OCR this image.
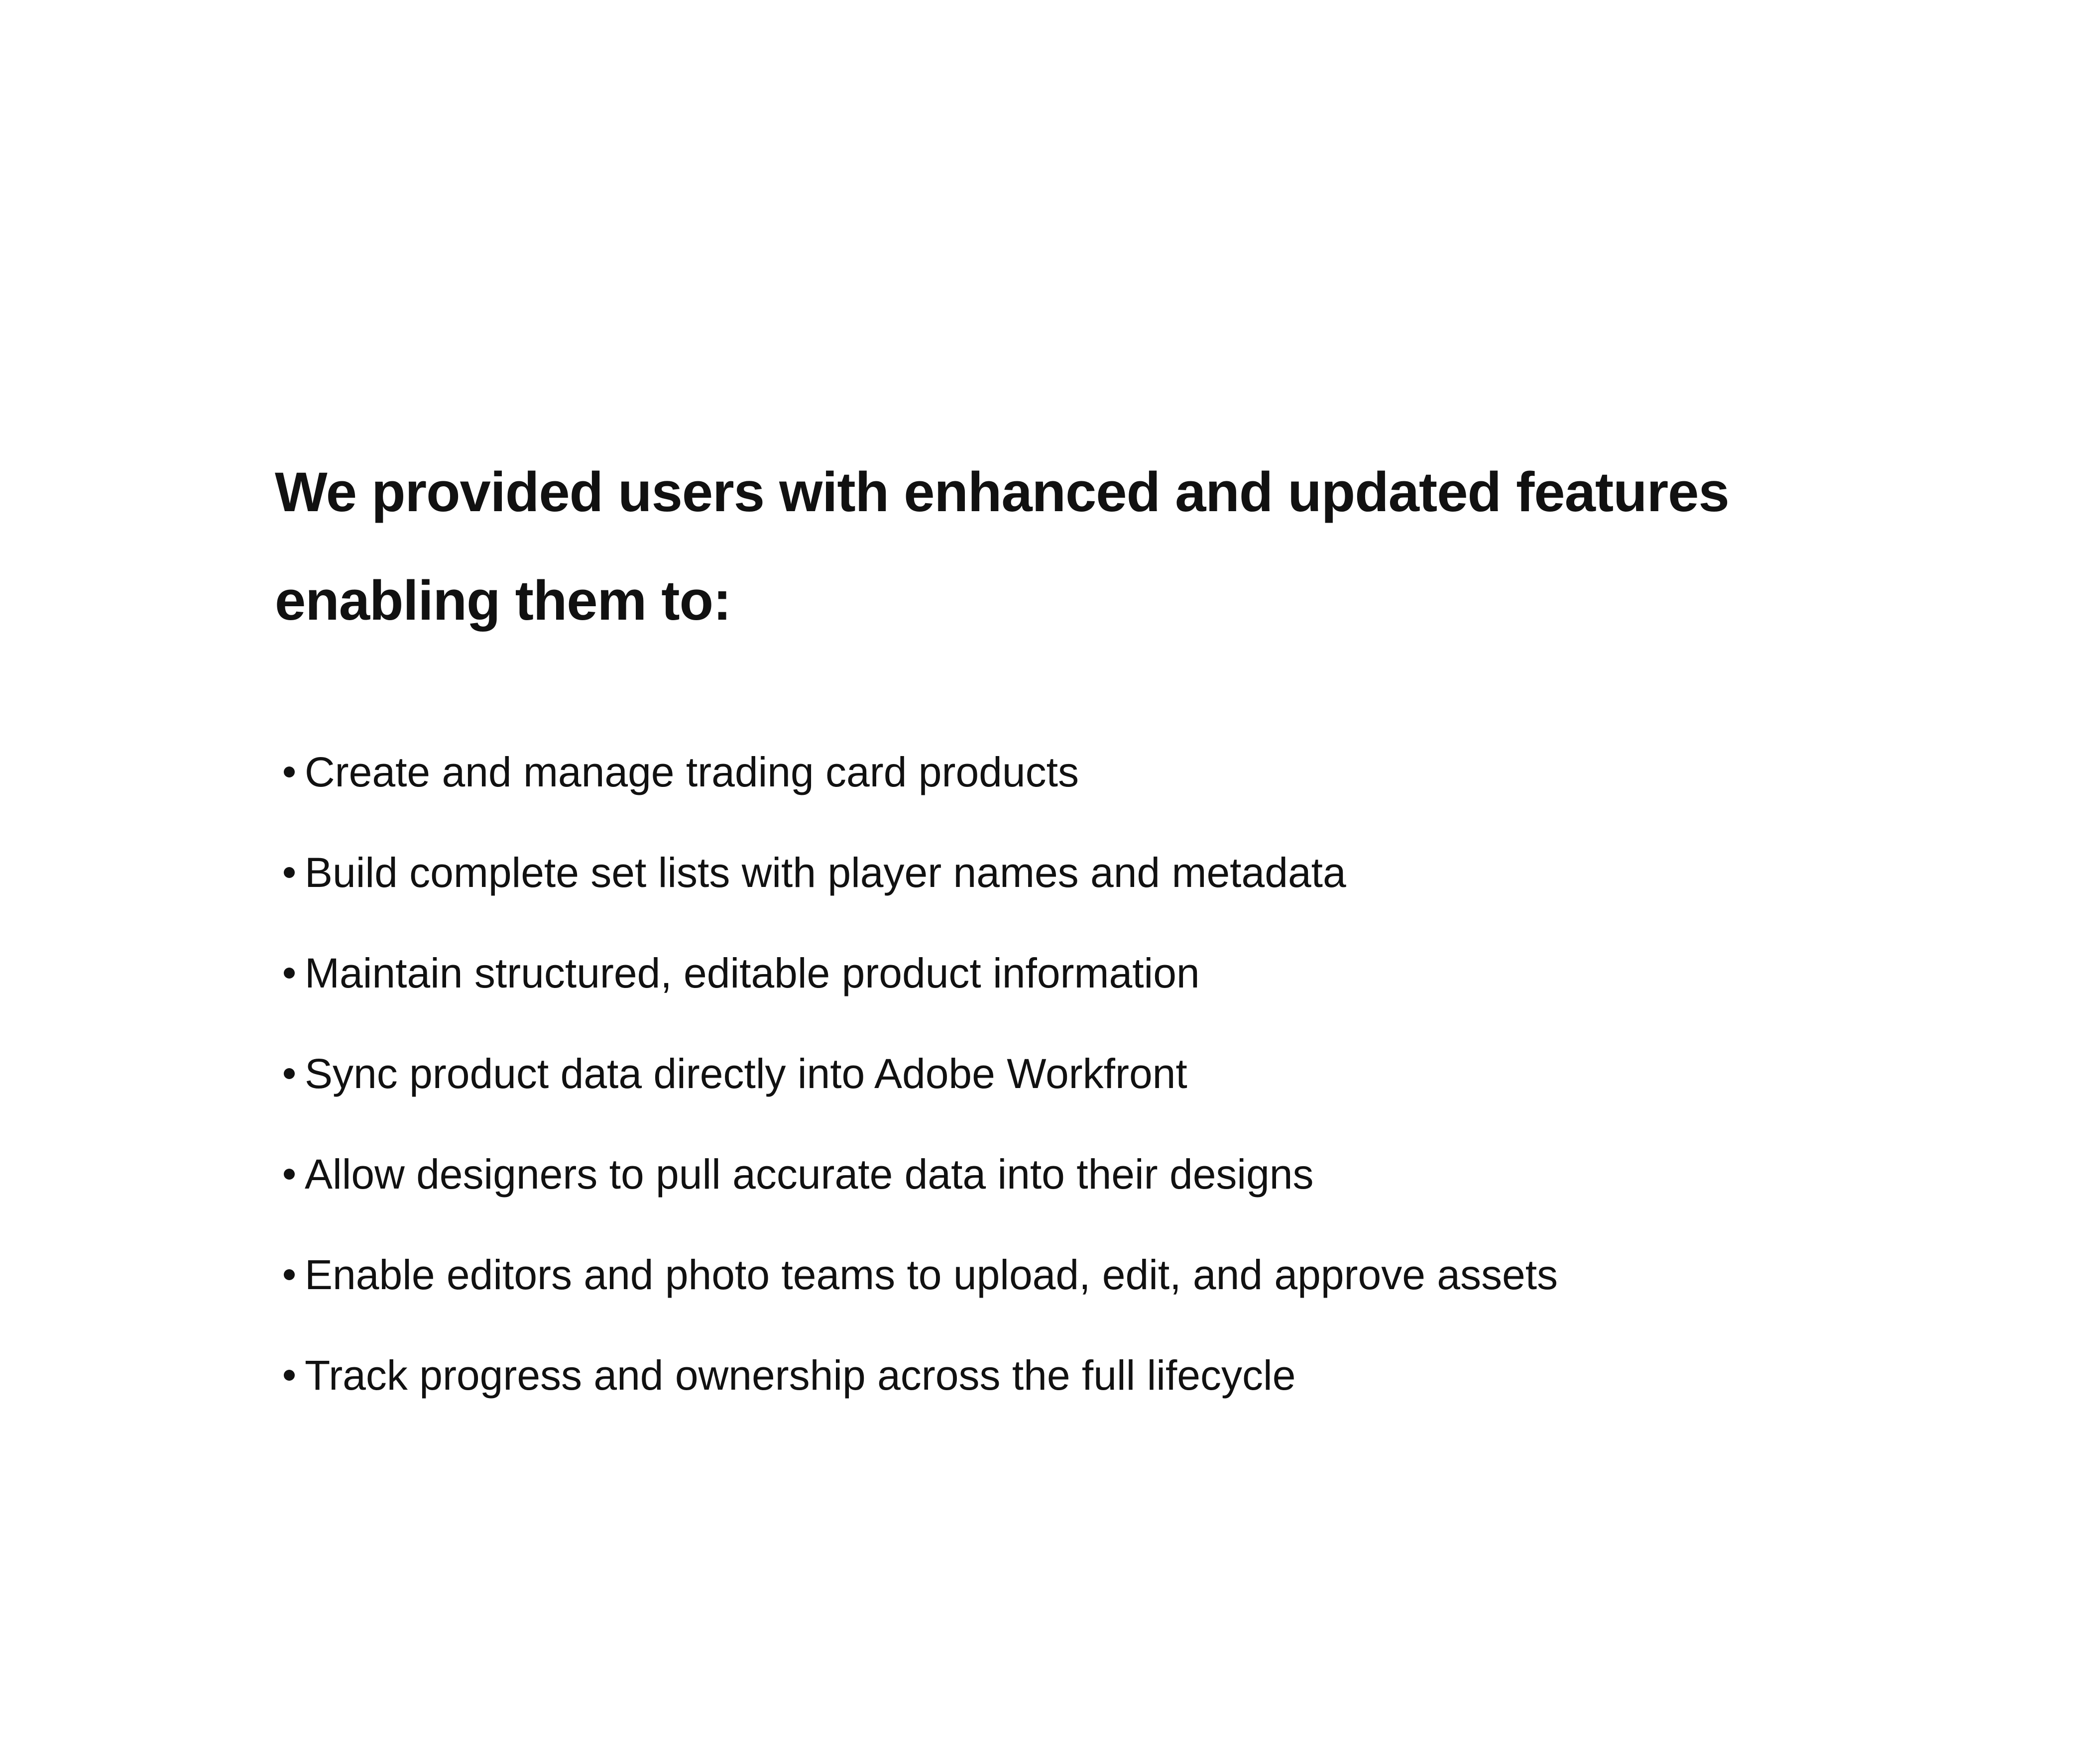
We provided users with enhanced and updated features
enabling them to:
Create and manage trading card products
Build complete set lists with player names and metadata
Maintain structured, editable product information
Sync product data directly into Adobe Workfront
Allow designers to pull accurate data into their designs
Enable editors and photo teams to upload, edit, and approve assets
Track progress and ownership across the full lifecycle
